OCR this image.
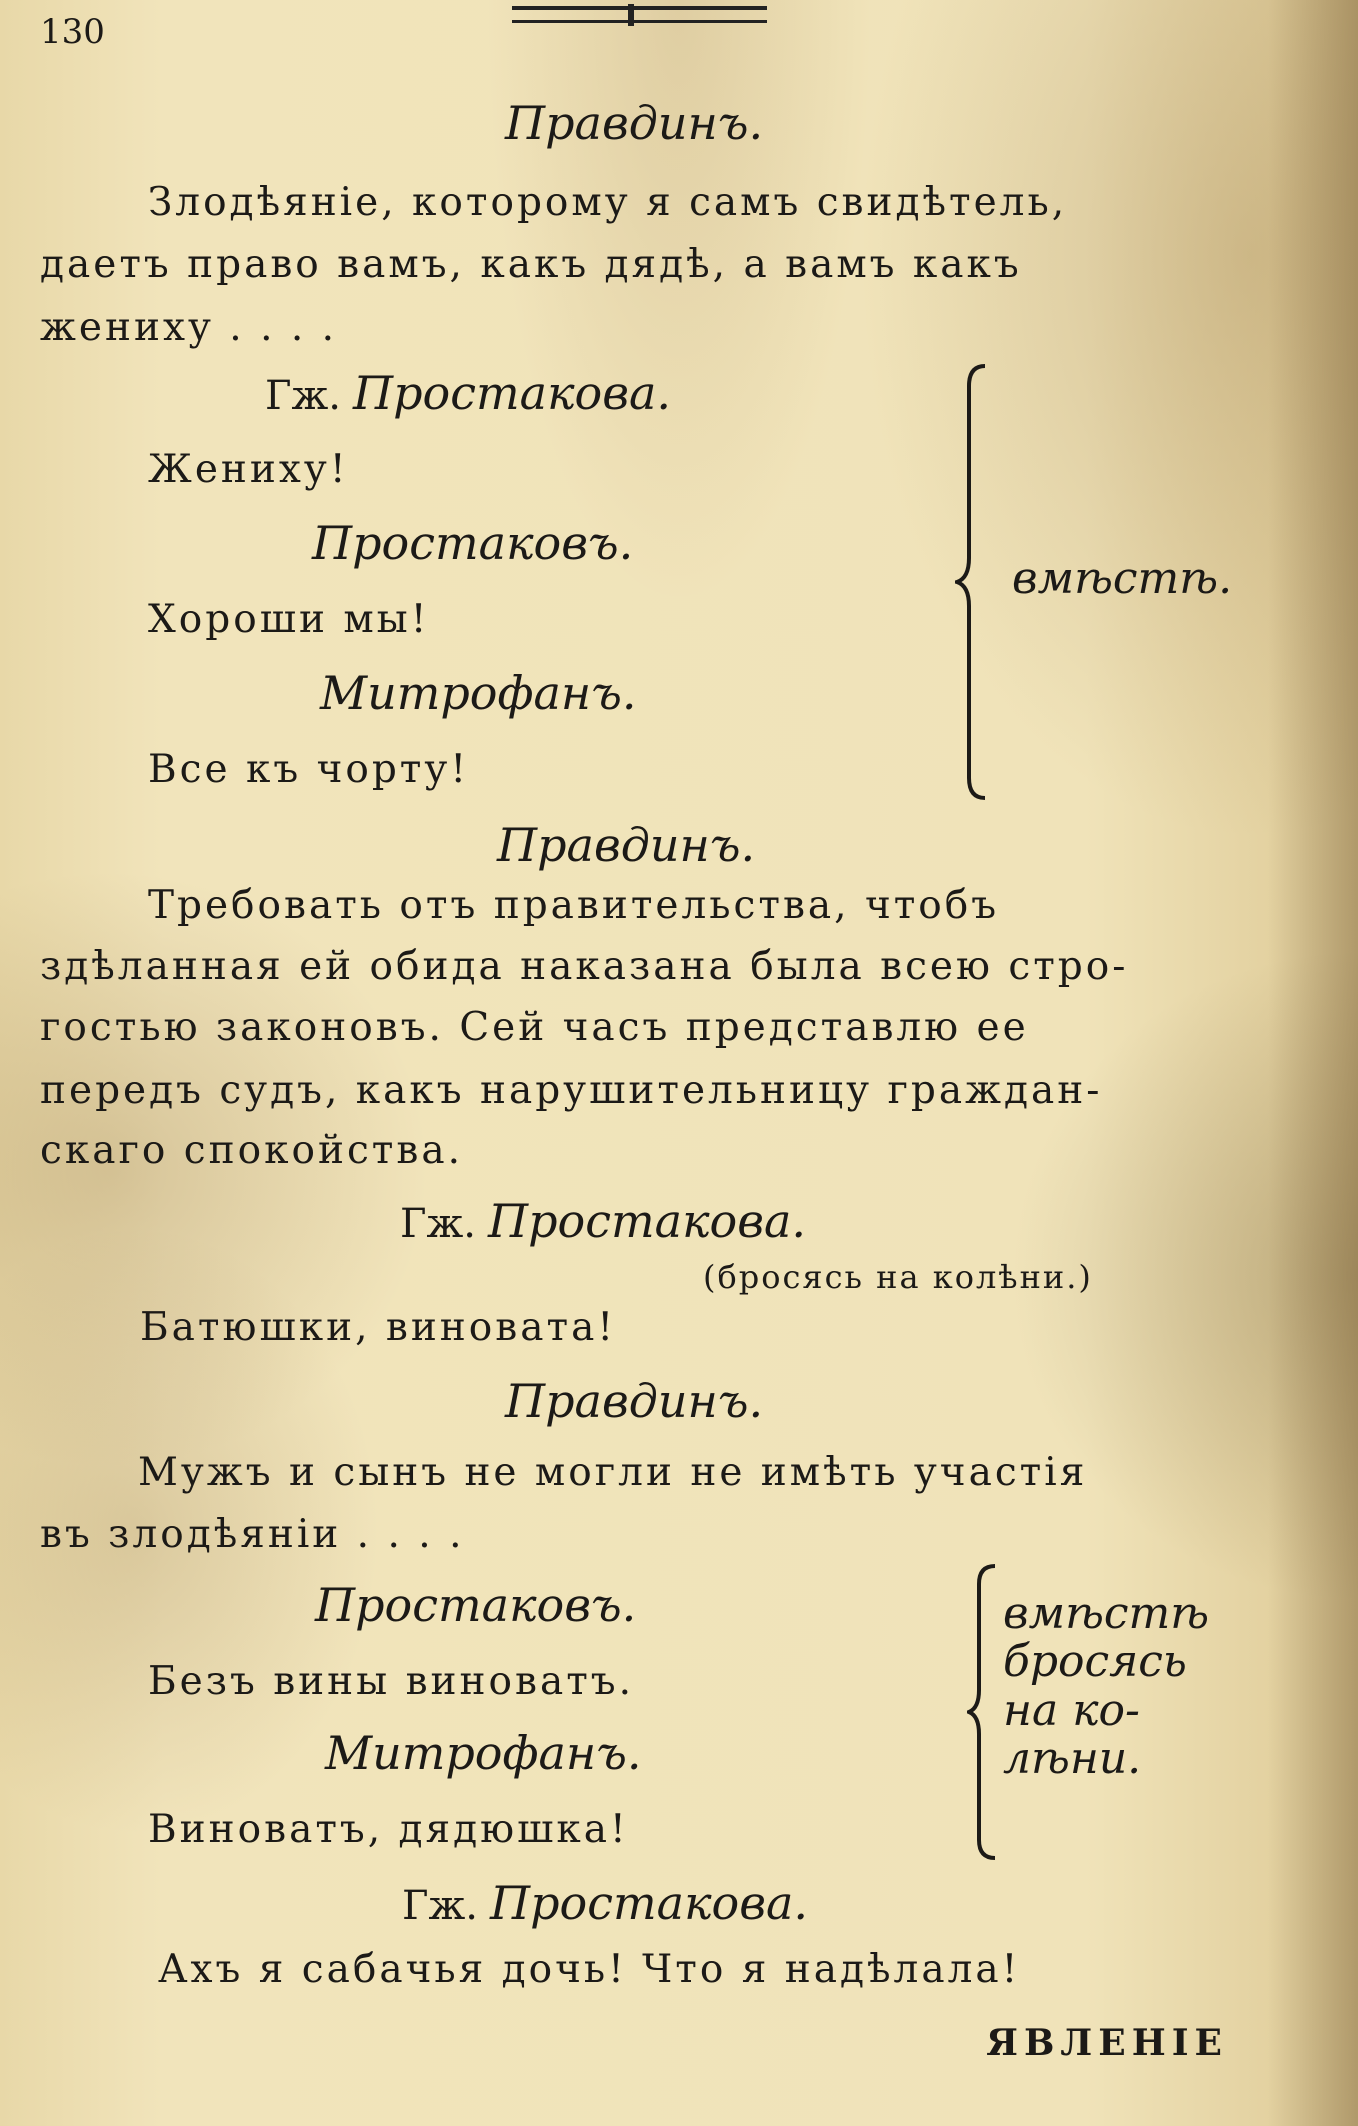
130
Правдинъ.
Злодѣяніе, которому я самъ свидѣтель,
даетъ право вамъ, какъ дядѣ, а вамъ какъ
жениху . . . .
Гж. Простакова.
Жениху!
Простаковъ.
Хороши мы!
Митрофанъ.
Все къ чорту!
вмѣстѣ.
Правдинъ.
Требовать отъ правительства, чтобъ
здѣланная ей обида наказана была всею стро-
гостью законовъ. Сей часъ представлю ее
передъ судъ, какъ нарушительницу граждан-
скаго спокойства.
Гж. Простакова.
(бросясь на колѣни.)
Батюшки, виновата!
Правдинъ.
Мужъ и сынъ не могли не имѣть участія
въ злодѣяніи . . . .
Простаковъ.
Безъ вины виноватъ.
Митрофанъ.
Виноватъ, дядюшка!
вмѣстѣ
бросясь
на ко-
лѣни.
Гж. Простакова.
Ахъ я сабачья дочь! Что я надѣлала!
ЯВЛЕНІЕ
